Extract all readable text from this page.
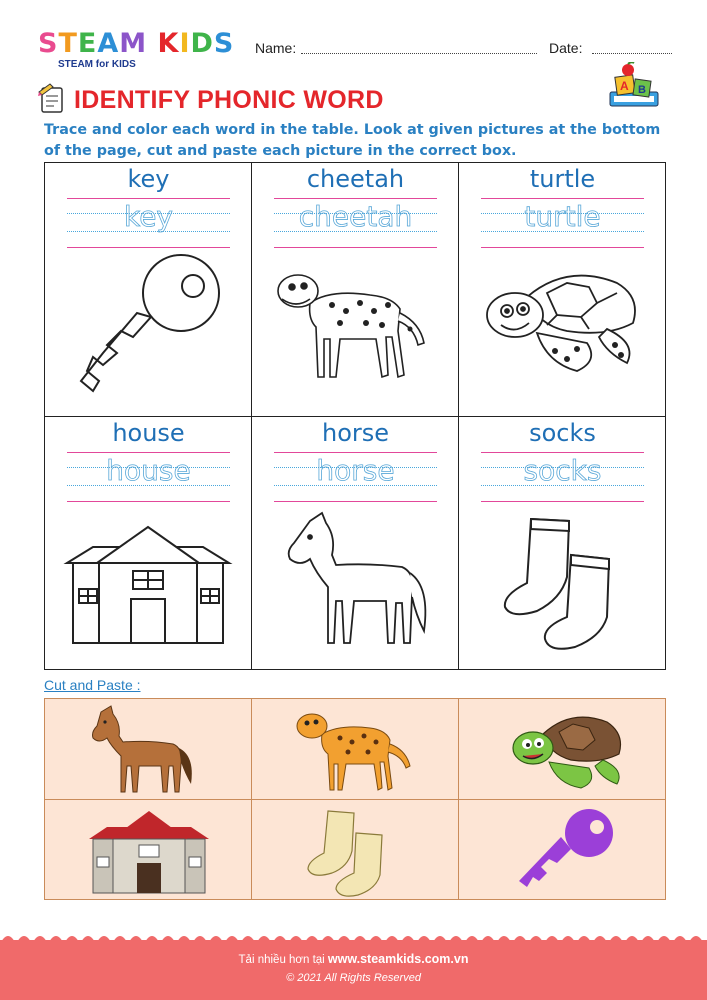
STEAM KIDS
STEAM for KIDS
Name:	Date:
IDENTIFY PHONIC WORD	A B
Trace and color each word in the table. Look at given pictures at the bottom of the page, cut and paste each picture in the correct box.
key
key
cheetah
cheetah
turtle
turtle
house
house
horse
horse
socks
socks
Cut and Paste :
Tải nhiều hơn tại www.steamkids.com.vn
© 2021 All Rights Reserved
